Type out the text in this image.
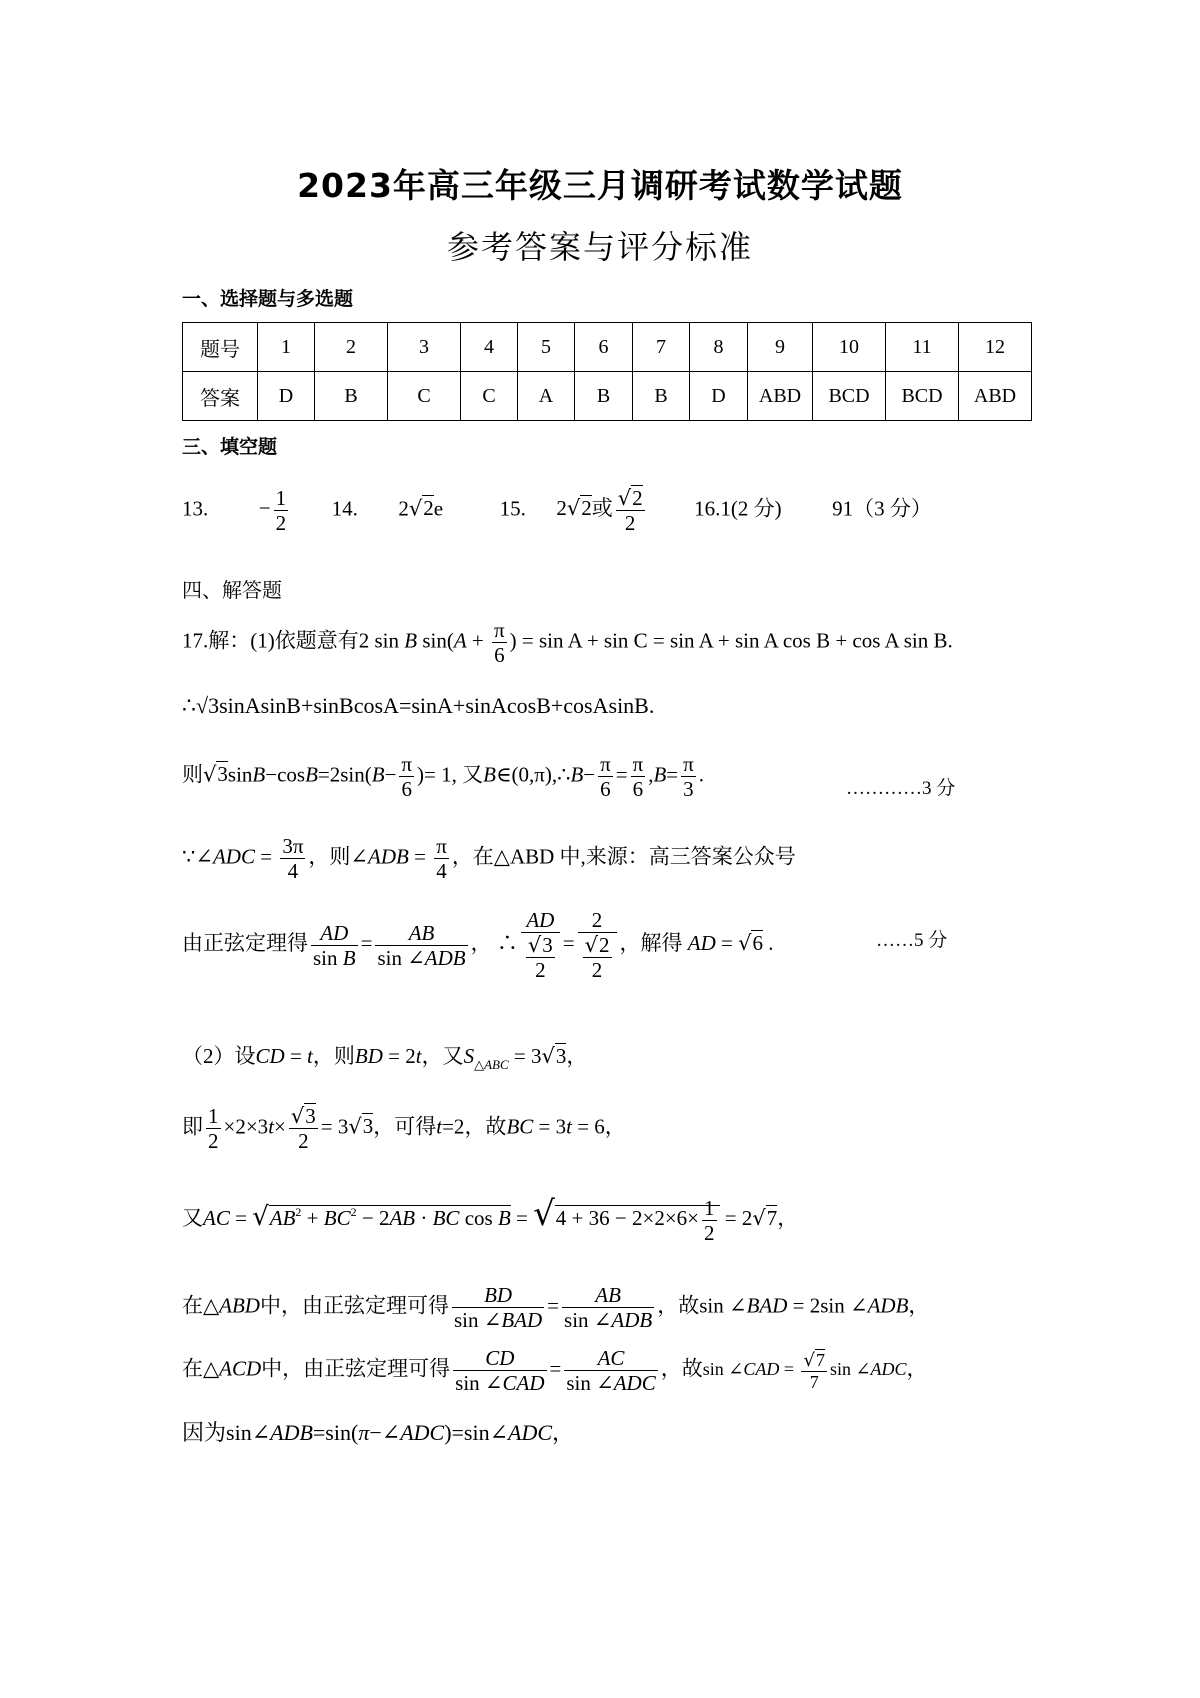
2023年高三年级三月调研考试数学试题
参考答案与评分标准
一、选择题与多选题
题号	1	2	3	4	5	6	7	8	9	10	11	12
答案	D	B	C	C	A	B	B	D	ABD	BCD	BCD	ABD
三、填空题
13. − $\frac{1}{2} 14$. 2√2e	15. 2√2或 $\frac{√2}{2} 16.1(2$ 分) 91（3 分）
四、解答题
17.解：(1)依题意有2 sin B $\sin(A + \frac{\pi}{6}$ ) = sin A + sin C = sin A + sin A cos B + cos A sin B.
∴√3sinAsinB+sinBcosA=sinA+sinAcosB+cosAsinB.
则$√3\sin B-\cos B=2\sin(B- \frac{\pi}{6}$ )= 1, 又B∈(0,π),∴B− $\frac{\pi}{6} = \frac{\pi}{6} ,B= \frac{\pi}{3}$ .
…………3 分
∵∠ADC = $\frac{3\pi}{4}$ ，则∠ADB = $\frac{\pi}{4}$ ，在△ABD 中,来源：高三答案公众号
由正弦定理得 $\frac{AD}{\text{sin B}}$ =	AB
sin ∠ADB
， ∴ $\frac{AD}{\frac{√3}{2}} = \frac{2}{\frac{√2}{2}}$ ，解得 AD = √6 .	……5 分
（2）设CD = t，则BD = 2t，又$S_{\triangle ABC} = 3√3$，
即 $\frac{1}{2} \times 2\times 3t\times \frac{√3}{2} = 3√3$，可得t=2，故BC = 3t = 6，
又AC = $√AB^2 + BC^2 - 2AB$ · BC $\cos B = √4 + 36 - 2\times 2\times 6\times \frac{1}{2} = 2√7$，
在△ABD中，由正弦定理可得	BD
sin ∠BAD
=	AB
sin ∠ADB
，故sin ∠BAD = 2sin ∠ADB，
在△ACD中，由正弦定理可得	CD
sin ∠CAD
=	AC
sin ∠ADC
，故sin ∠CAD = $\frac{√7}{7}$ sin ∠ADC，
因为sin∠ADB=sin(π−∠ADC)=sin∠ADC，
